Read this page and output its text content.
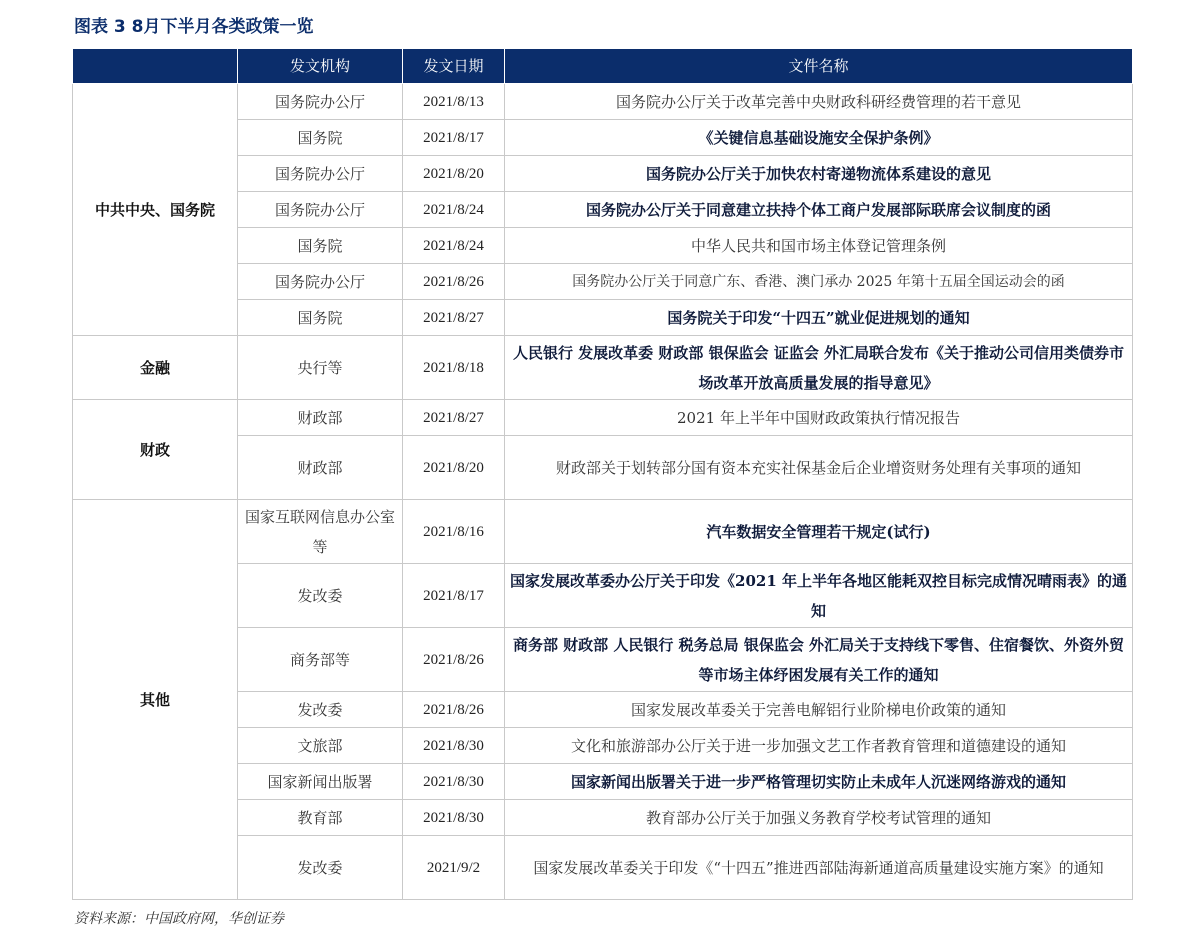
图表 3 8月下半月各类政策一览
	发文机构	发文日期	文件名称
中共中央、国务院	国务院办公厅	2021/8/13	国务院办公厅关于改革完善中央财政科研经费管理的若干意见
	国务院	2021/8/17	《关键信息基础设施安全保护条例》
	国务院办公厅	2021/8/20	国务院办公厅关于加快农村寄递物流体系建设的意见
	国务院办公厅	2021/8/24	国务院办公厅关于同意建立扶持个体工商户发展部际联席会议制度的函
	国务院	2021/8/24	中华人民共和国市场主体登记管理条例
	国务院办公厅	2021/8/26	国务院办公厅关于同意广东、香港、澳门承办 2025 年第十五届全国运动会的函
	国务院	2021/8/27	国务院关于印发“十四五”就业促进规划的通知
金融	央行等	2021/8/18	人民银行 发展改革委 财政部 银保监会 证监会 外汇局联合发布《关于推动公司信用类债券市场改革开放高质量发展的指导意见》
财政	财政部	2021/8/27	2021 年上半年中国财政政策执行情况报告
	财政部	2021/8/20	财政部关于划转部分国有资本充实社保基金后企业增资财务处理有关事项的通知
其他	国家互联网信息办公室等	2021/8/16	汽车数据安全管理若干规定(试行)
	发改委	2021/8/17	国家发展改革委办公厅关于印发《2021 年上半年各地区能耗双控目标完成情况晴雨表》的通知
	商务部等	2021/8/26	商务部 财政部 人民银行 税务总局 银保监会 外汇局关于支持线下零售、住宿餐饮、外资外贸等市场主体纾困发展有关工作的通知
	发改委	2021/8/26	国家发展改革委关于完善电解铝行业阶梯电价政策的通知
	文旅部	2021/8/30	文化和旅游部办公厅关于进一步加强文艺工作者教育管理和道德建设的通知
	国家新闻出版署	2021/8/30	国家新闻出版署关于进一步严格管理切实防止未成年人沉迷网络游戏的通知
	教育部	2021/8/30	教育部办公厅关于加强义务教育学校考试管理的通知
	发改委	2021/9/2	国家发展改革委关于印发《“十四五”推进西部陆海新通道高质量建设实施方案》的通知
资料来源：中国政府网，华创证券
